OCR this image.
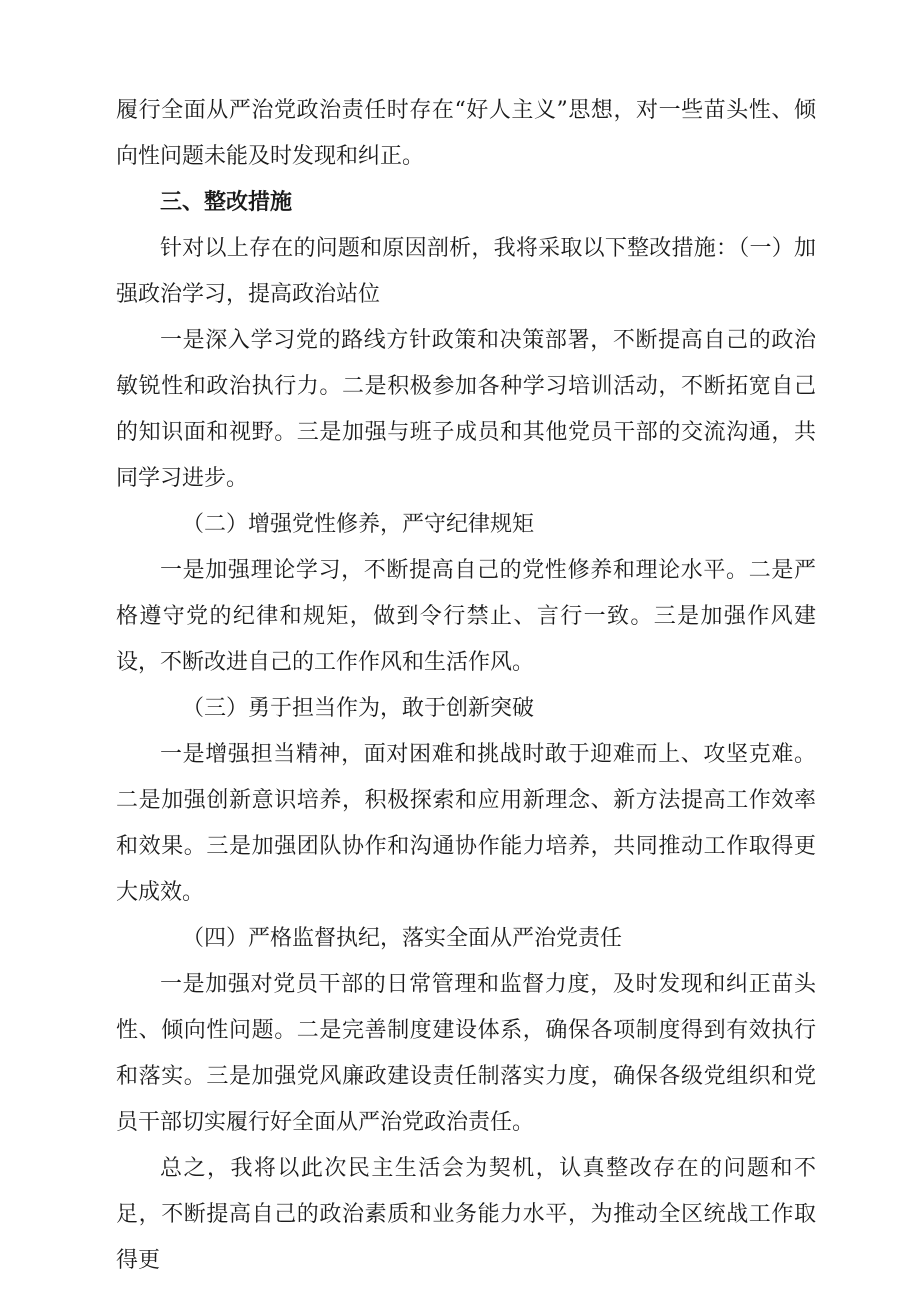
履行全面从严治党政治责任时存在“好人主义”思想，对一些苗头性、倾向性问题未能及时发现和纠正。

三、整改措施

针对以上存在的问题和原因剖析，我将采取以下整改措施：（一）加强政治学习，提高政治站位

一是深入学习党的路线方针政策和决策部署，不断提高自己的政治敏锐性和政治执行力。二是积极参加各种学习培训活动，不断拓宽自己的知识面和视野。三是加强与班子成员和其他党员干部的交流沟通，共同学习进步。

（二）增强党性修养，严守纪律规矩

一是加强理论学习，不断提高自己的党性修养和理论水平。二是严格遵守党的纪律和规矩，做到令行禁止、言行一致。三是加强作风建设，不断改进自己的工作作风和生活作风。

（三）勇于担当作为，敢于创新突破

一是增强担当精神，面对困难和挑战时敢于迎难而上、攻坚克难。二是加强创新意识培养，积极探索和应用新理念、新方法提高工作效率和效果。三是加强团队协作和沟通协作能力培养，共同推动工作取得更大成效。

（四）严格监督执纪，落实全面从严治党责任

一是加强对党员干部的日常管理和监督力度，及时发现和纠正苗头性、倾向性问题。二是完善制度建设体系，确保各项制度得到有效执行和落实。三是加强党风廉政建设责任制落实力度，确保各级党组织和党员干部切实履行好全面从严治党政治责任。

总之，我将以此次民主生活会为契机，认真整改存在的问题和不足，不断提高自己的政治素质和业务能力水平，为推动全区统战工作取得更
